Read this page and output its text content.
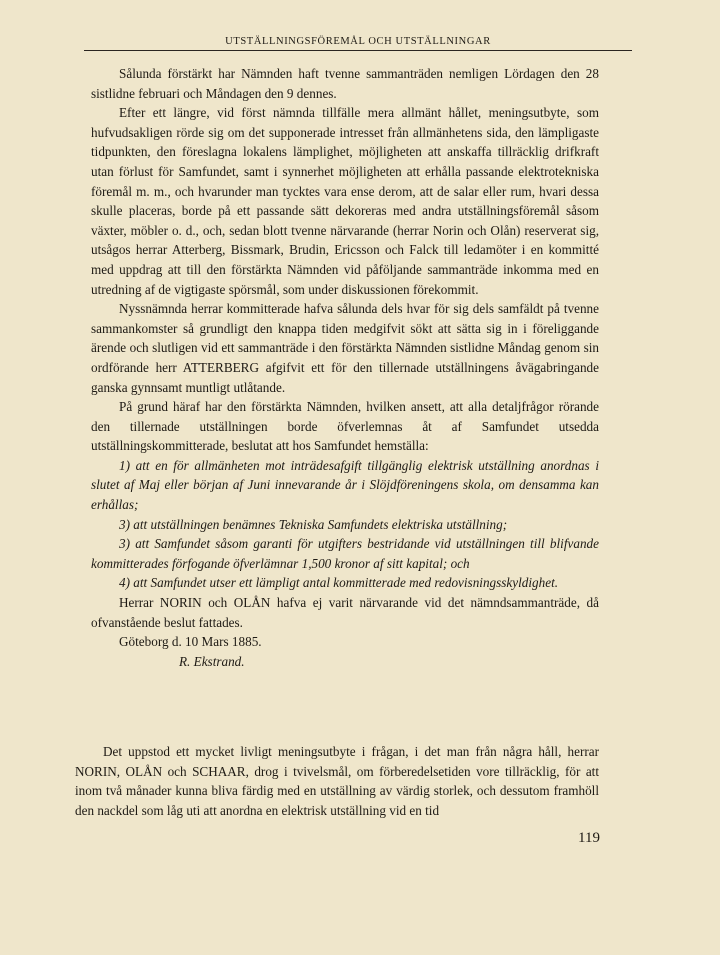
UTSTÄLLNINGSFÖREMÅL OCH UTSTÄLLNINGAR

Sålunda förstärkt har Nämnden haft tvenne sammanträden nemligen Lördagen den 28 sistlidne februari och Måndagen den 9 dennes.

Efter ett längre, vid först nämnda tillfälle mera allmänt hållet, meningsutbyte, som hufvudsakligen rörde sig om det supponerade intresset från allmänhetens sida, den lämpligaste tidpunkten, den föreslagna lokalens lämplighet, möjligheten att anskaffa tillräcklig drifkraft utan förlust för Samfundet, samt i synnerhet möjligheten att erhålla passande elektrotekniska föremål m. m., och hvarunder man tycktes vara ense derom, att de salar eller rum, hvari dessa skulle placeras, borde på ett passande sätt dekoreras med andra utställningsföremål såsom växter, möbler o. d., och, sedan blott tvenne närvarande (herrar Norin och Olån) reserverat sig, utsågos herrar Atterberg, Bissmark, Brudin, Ericsson och Falck till ledamöter i en kommitté med uppdrag att till den förstärkta Nämnden vid påföljande sammanträde inkomma med en utredning af de vigtigaste spörsmål, som under diskussionen förekommit.

Nyssnämnda herrar kommitterade hafva sålunda dels hvar för sig dels samfäldt på tvenne sammankomster så grundligt den knappa tiden medgifvit sökt att sätta sig in i föreliggande ärende och slutligen vid ett sammanträde i den förstärkta Nämnden sistlidne Måndag genom sin ordförande herr ATTERBERG afgifvit ett för den tillernade utställningens åvägabringande ganska gynnsamt muntligt utlåtande.

På grund häraf har den förstärkta Nämnden, hvilken ansett, att alla detaljfrågor rörande den tillernade utställningen borde öfverlemnas åt af Samfundet utsedda utställningskommitterade, beslutat att hos Samfundet hemställa:

1) att en för allmänheten mot inträdesafgift tillgänglig elektrisk utställning anordnas i slutet af Maj eller början af Juni innevarande år i Slöjdföreningens skola, om densamma kan erhållas;

3) att utställningen benämnes Tekniska Samfundets elektriska utställning;

3) att Samfundet såsom garanti för utgifters bestridande vid utställningen till blifvande kommitterades förfogande öfverlämnar 1,500 kronor af sitt kapital; och

4) att Samfundet utser ett lämpligt antal kommitterade med redovisningsskyldighet.

Herrar NORIN och OLÅN hafva ej varit närvarande vid det nämndsammanträde, då ofvanstående beslut fattades.

Göteborg d. 10 Mars 1885.

R. Ekstrand.

Det uppstod ett mycket livligt meningsutbyte i frågan, i det man från några håll, herrar NORIN, OLÅN och SCHAAR, drog i tvivelsmål, om förberedelsetiden vore tillräcklig, för att inom två månader kunna bliva färdig med en utställning av värdig storlek, och dessutom framhöll den nackdel som låg uti att anordna en elektrisk utställning vid en tid

119
